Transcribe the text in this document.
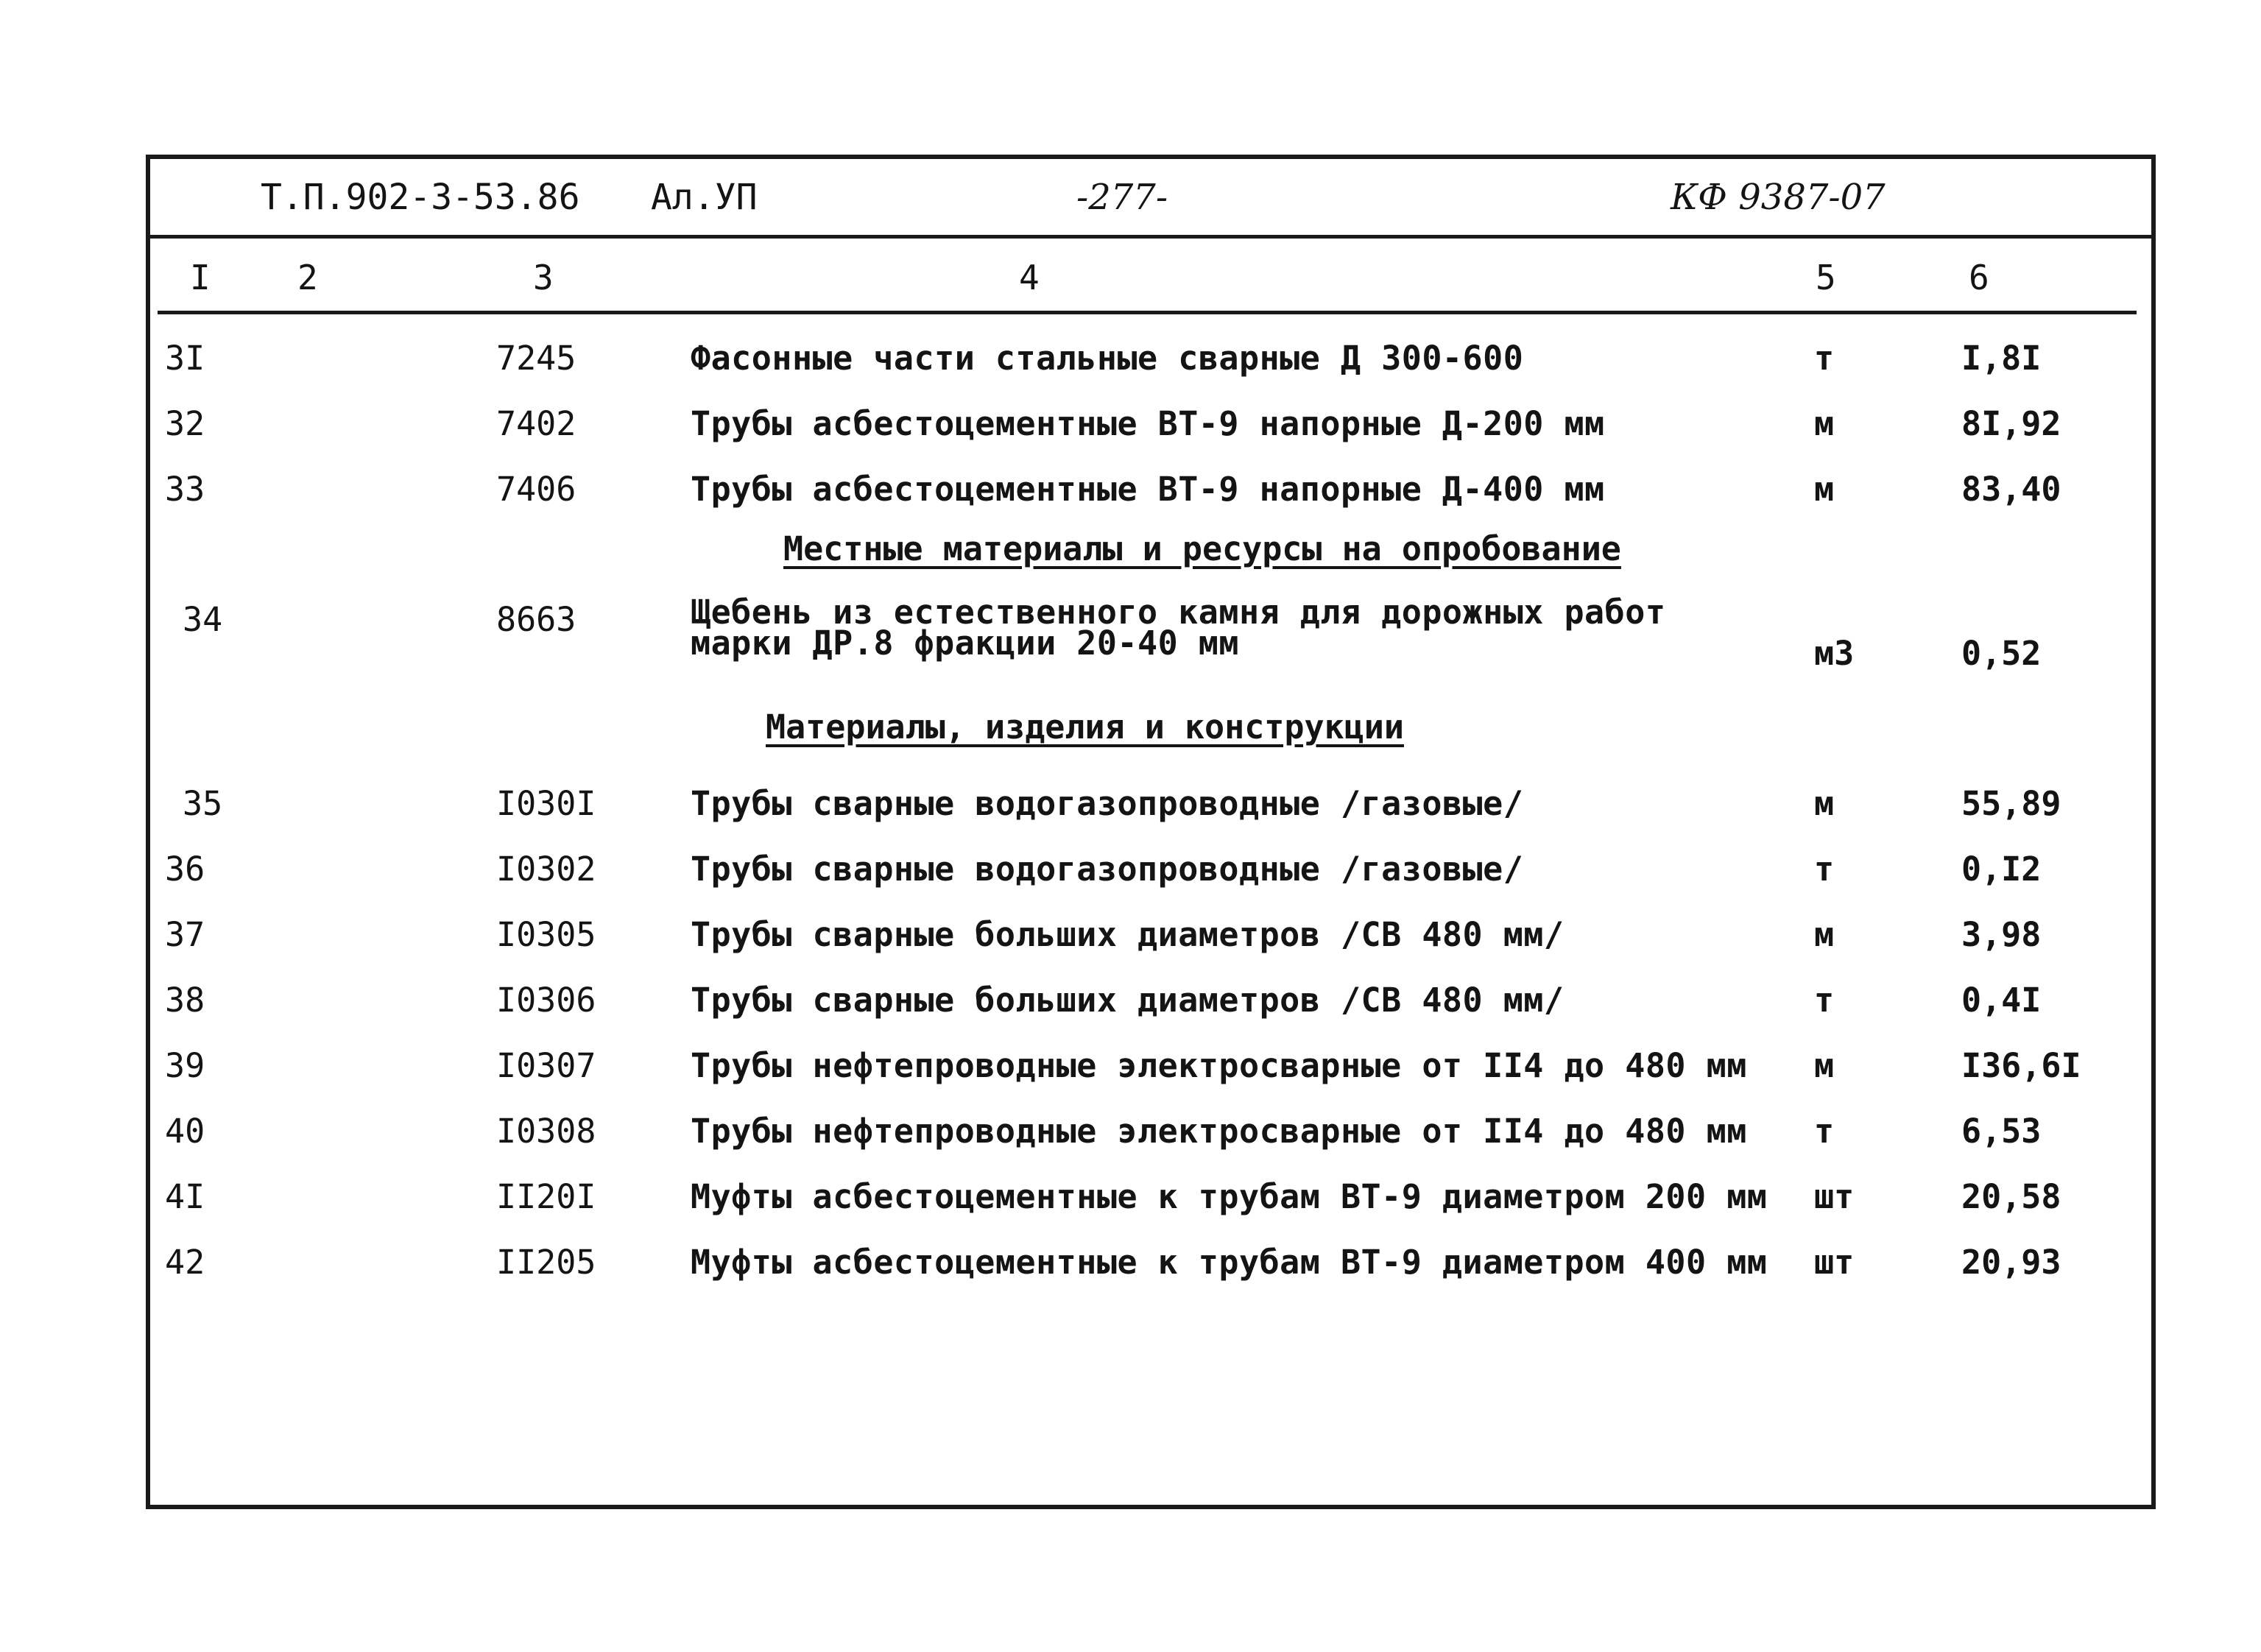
Т.П.902-3-53.86 Ал.УП	-277-	КФ 9387-07
I	2	3	4	5	6
3I	7245	Фасонные части стальные сварные Д 300-600	т	I,8I
32	7402	Трубы асбестоцементные ВТ-9 напорные Д-200 мм	м	8I,92
33	7406	Трубы асбестоцементные ВТ-9 напорные Д-400 мм	м	83,40
Местные материалы и ресурсы на опробование
34	8663	Щебень из естественного камня для дорожных работ
марки ДР.8 фракции 20-40 мм	м3	0,52
Материалы, изделия и конструкции
35	I030I	Трубы сварные водогазопроводные /газовые/	м	55,89
36	I0302	Трубы сварные водогазопроводные /газовые/	т	0,I2
37	I0305	Трубы сварные больших диаметров /СВ 480 мм/	м	3,98
38	I0306	Трубы сварные больших диаметров /СВ 480 мм/	т	0,4I
39	I0307	Трубы нефтепроводные электросварные от II4 до 480 мм м	I36,6I
40	I0308	Трубы нефтепроводные электросварные от II4 до 480 мм т	6,53
4I	II20I	Муфты асбестоцементные к трубам ВТ-9 диаметром 200 мм шт	20,58
42	II205	Муфты асбестоцементные к трубам ВТ-9 диаметром 400 мм шт	20,93
